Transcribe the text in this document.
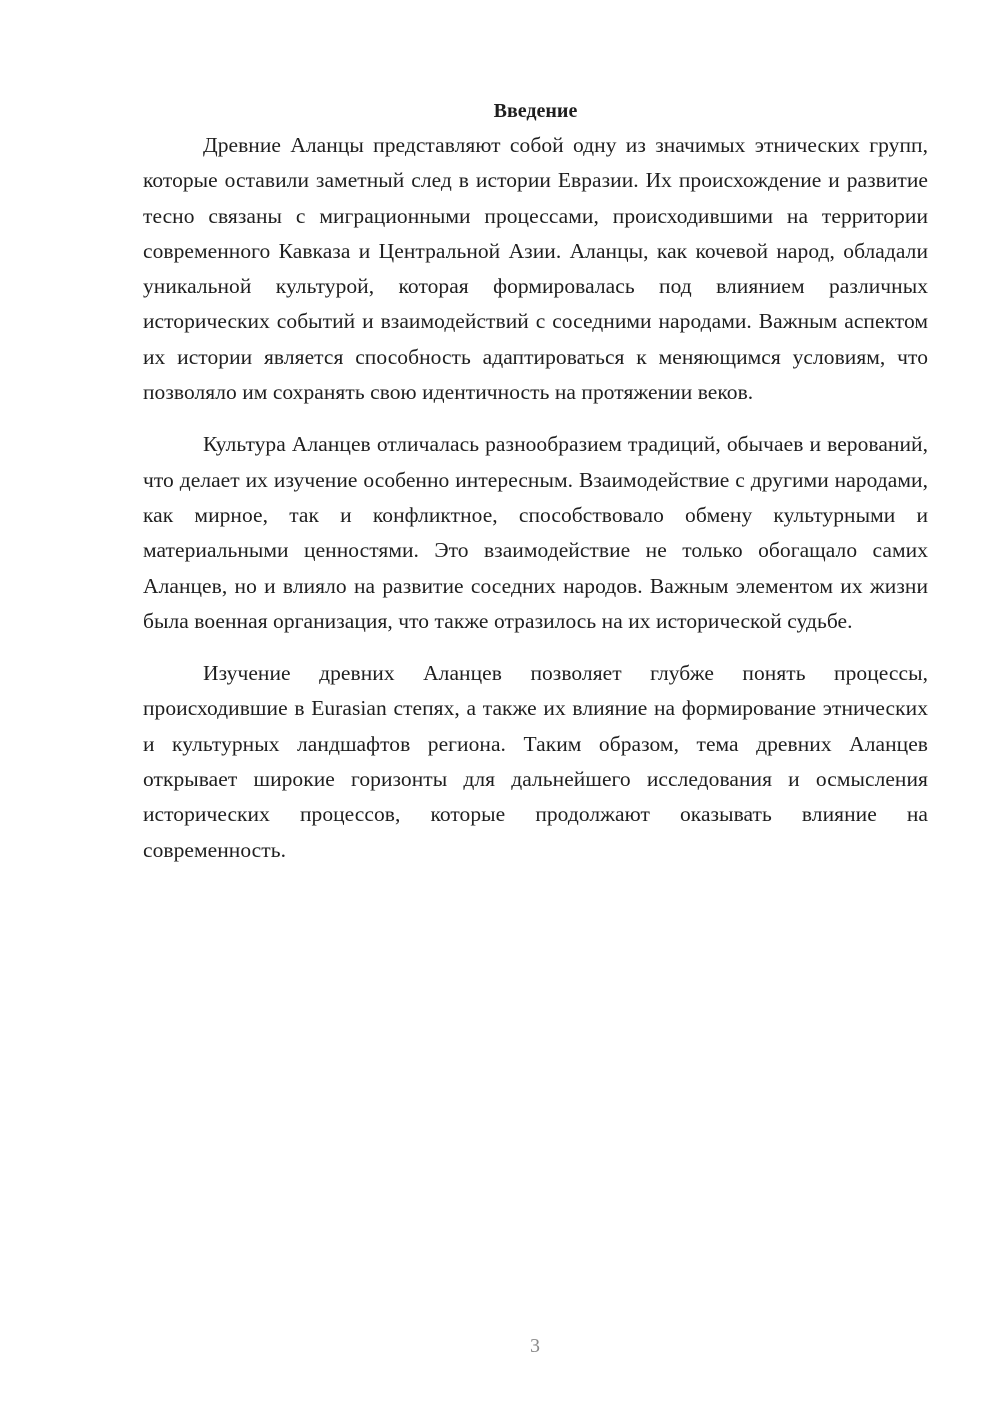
Введение

Древние Аланцы представляют собой одну из значимых этнических групп, которые оставили заметный след в истории Евразии. Их происхождение и развитие тесно связаны с миграционными процессами, происходившими на территории современного Кавказа и Центральной Азии. Аланцы, как кочевой народ, обладали уникальной культурой, которая формировалась под влиянием различных исторических событий и взаимодействий с соседними народами. Важным аспектом их истории является способность адаптироваться к меняющимся условиям, что позволяло им сохранять свою идентичность на протяжении веков.

Культура Аланцев отличалась разнообразием традиций, обычаев и верований, что делает их изучение особенно интересным. Взаимодействие с другими народами, как мирное, так и конфликтное, способствовало обмену культурными и материальными ценностями. Это взаимодействие не только обогащало самих Аланцев, но и влияло на развитие соседних народов. Важным элементом их жизни была военная организация, что также отразилось на их исторической судьбе.

Изучение древних Аланцев позволяет глубже понять процессы, происходившие в Eurasian степях, а также их влияние на формирование этнических и культурных ландшафтов региона. Таким образом, тема древних Аланцев открывает широкие горизонты для дальнейшего исследования и осмысления исторических процессов, которые продолжают оказывать влияние на современность.

3
